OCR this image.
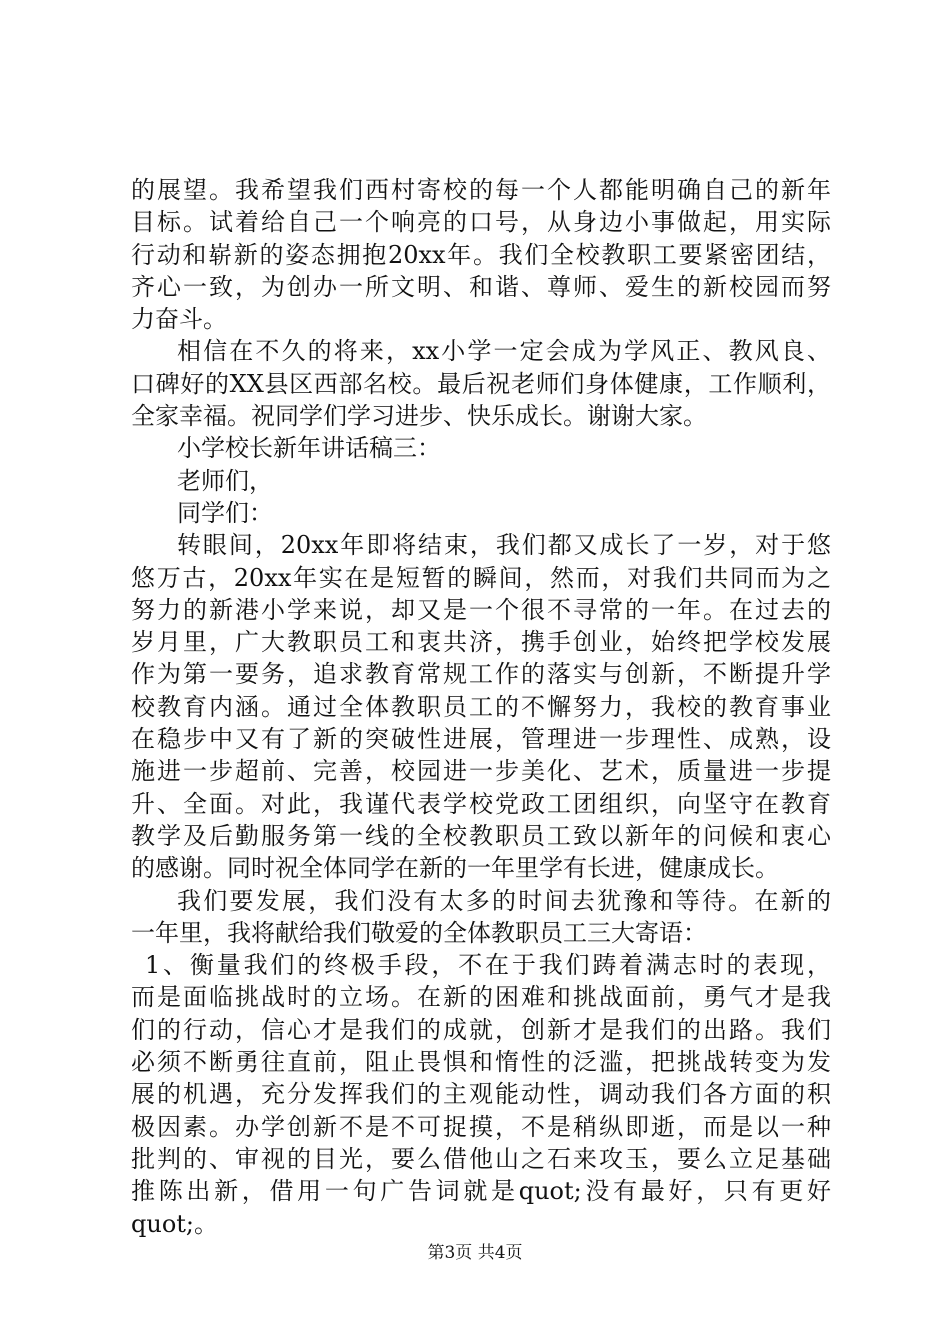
的展望。我希望我们西村寄校的每一个人都能明确自己的新年
目标。试着给自己一个响亮的口号，从身边小事做起，用实际
行动和崭新的姿态拥抱20xx年。我们全校教职工要紧密团结，
齐心一致，为创办一所文明、和谐、尊师、爱生的新校园而努
力奋斗。
相信在不久的将来，xx小学一定会成为学风正、教风良、
口碑好的XX县区西部名校。最后祝老师们身体健康，工作顺利，
全家幸福。祝同学们学习进步、快乐成长。谢谢大家。
小学校长新年讲话稿三：
老师们，
同学们：
转眼间，20xx年即将结束，我们都又成长了一岁，对于悠
悠万古，20xx年实在是短暂的瞬间，然而，对我们共同而为之
努力的新港小学来说，却又是一个很不寻常的一年。在过去的
岁月里，广大教职员工和衷共济，携手创业，始终把学校发展
作为第一要务，追求教育常规工作的落实与创新，不断提升学
校教育内涵。通过全体教职员工的不懈努力，我校的教育事业
在稳步中又有了新的突破性进展，管理进一步理性、成熟，设
施进一步超前、完善，校园进一步美化、艺术，质量进一步提
升、全面。对此，我谨代表学校党政工团组织，向坚守在教育
教学及后勤服务第一线的全校教职员工致以新年的问候和衷心
的感谢。同时祝全体同学在新的一年里学有长进，健康成长。
我们要发展，我们没有太多的时间去犹豫和等待。在新的
一年里，我将献给我们敬爱的全体教职员工三大寄语：
1、衡量我们的终极手段，不在于我们踌着满志时的表现，
而是面临挑战时的立场。在新的困难和挑战面前，勇气才是我
们的行动，信心才是我们的成就，创新才是我们的出路。我们
必须不断勇往直前，阻止畏惧和惰性的泛滥，把挑战转变为发
展的机遇，充分发挥我们的主观能动性，调动我们各方面的积
极因素。办学创新不是不可捉摸，不是稍纵即逝，而是以一种
批判的、审视的目光，要么借他山之石来攻玉，要么立足基础
推陈出新，借用一句广告词就是quot;没有最好，只有更好
quot;。
第3页 共4页
